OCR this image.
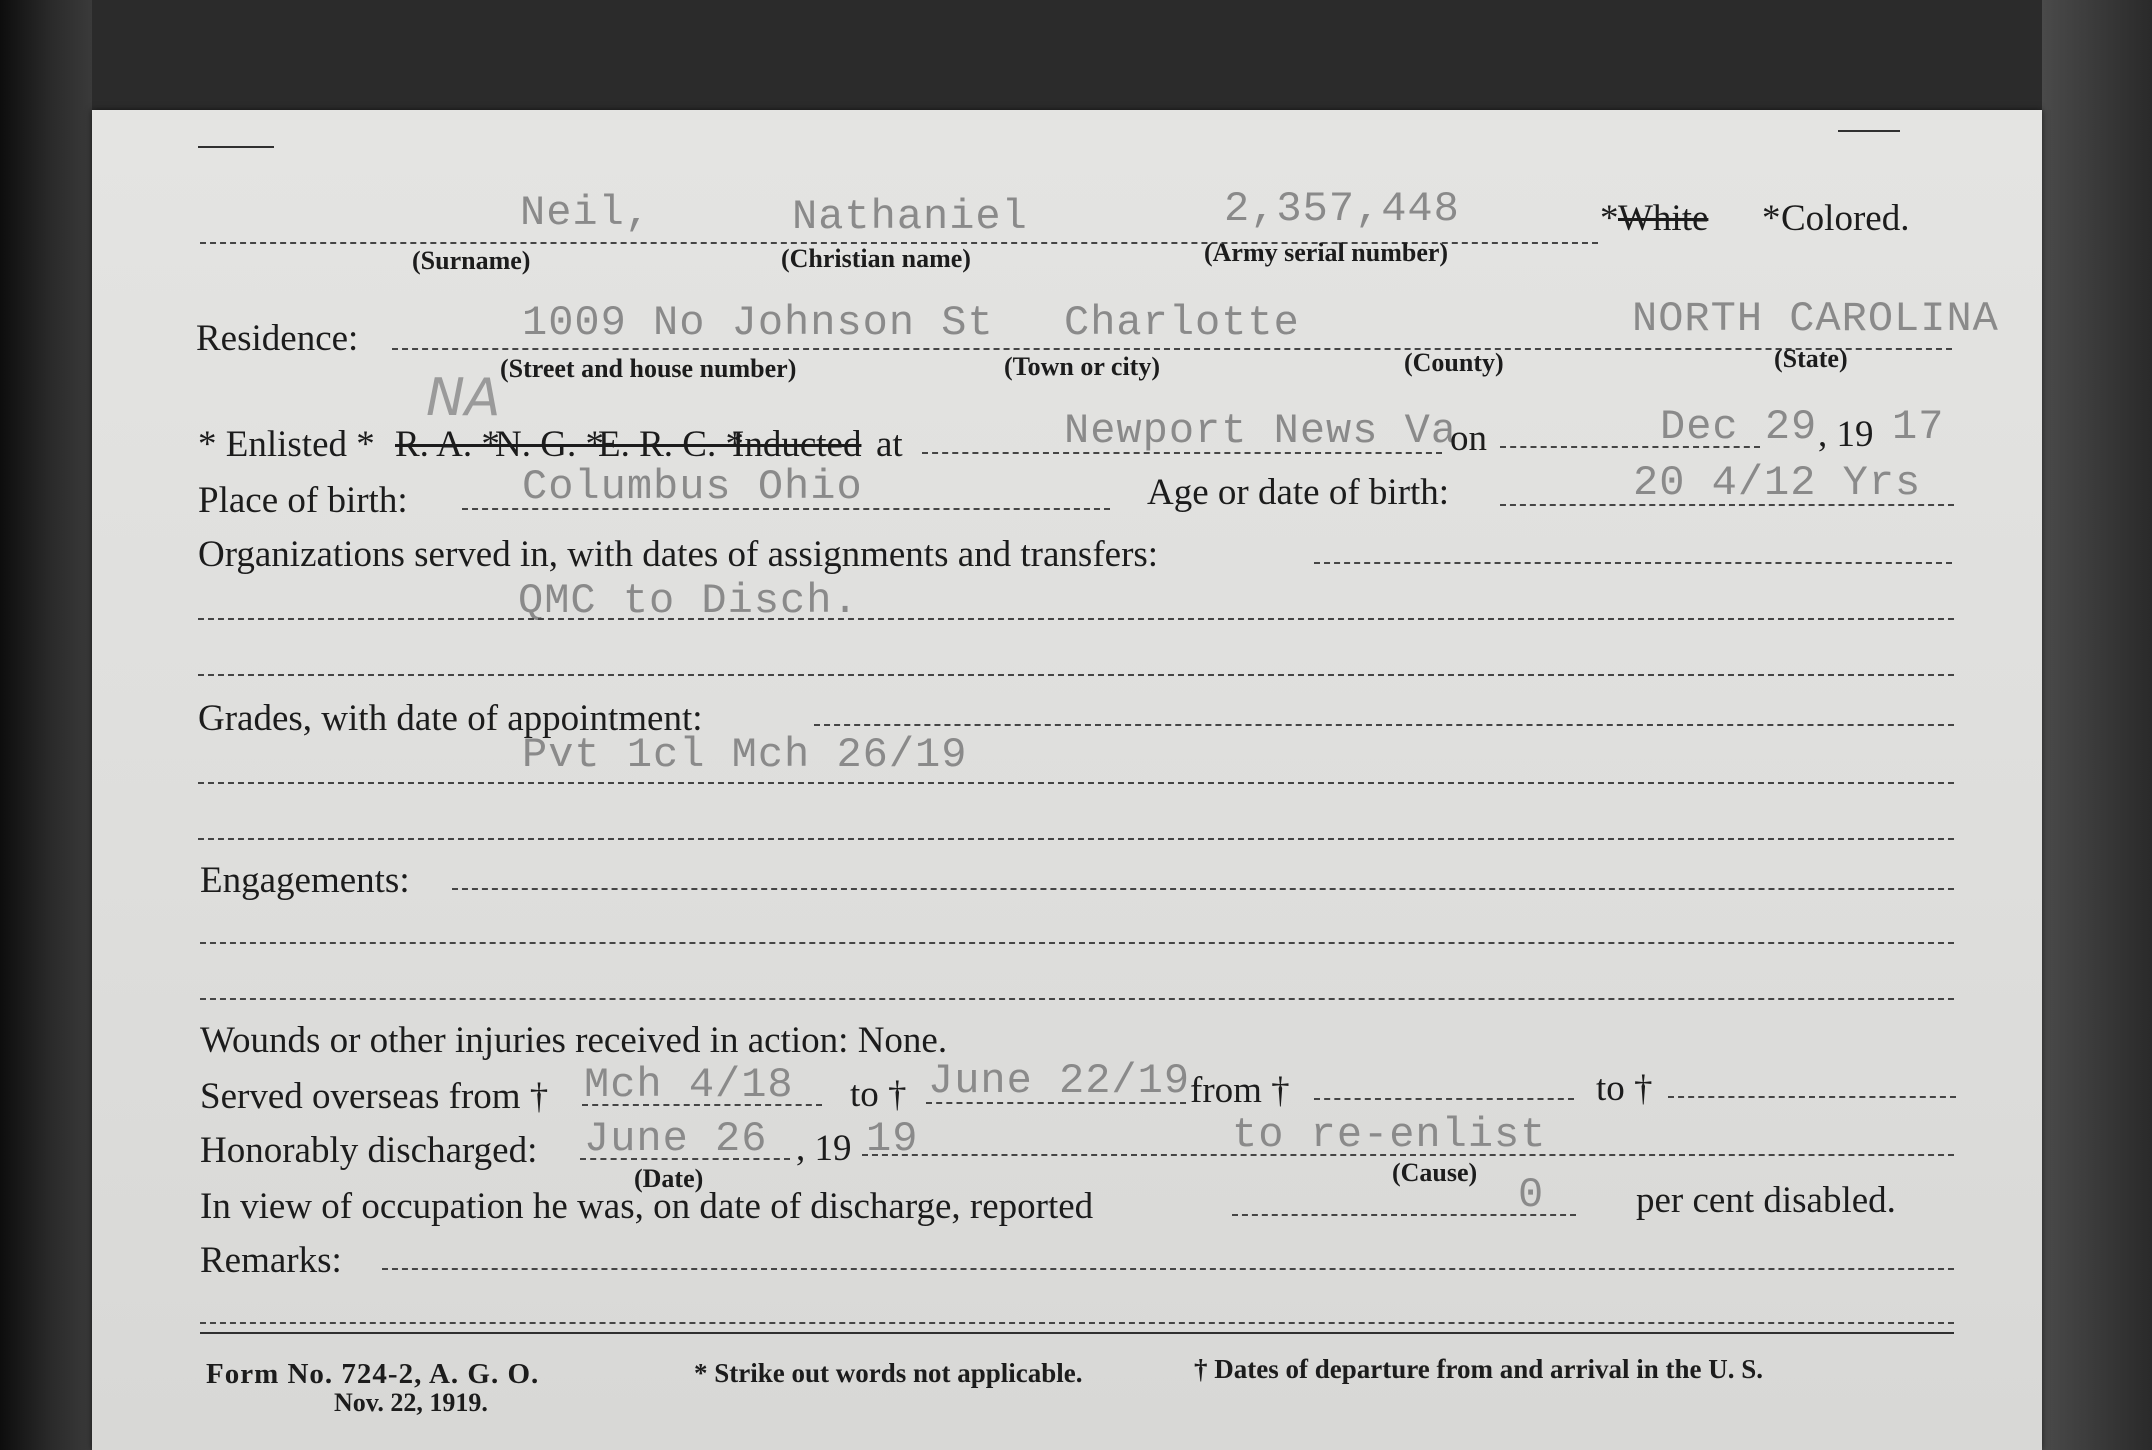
Neil,	Nathaniel	2,357,448	* White * Colored.
(Surname)	(Christian name)	(Army serial number)
Residence:	1009 No Johnson St Charlotte	NORTH CAROLINA
(Street and house number)	(Town or city)	(County)	(State)
NA
* Enlisted * R. A. *
N. G. *
E. R. C. *
Inducted at	Newport News Va
on	Dec 29 , 19 17
Place of birth:	Columbus Ohio	Age or date of birth:	20 4/12 Yrs
Organizations served in, with dates of assignments and transfers:
QMC to Disch.
Grades, with date of appointment:
Pvt 1cl Mch 26/19
Engagements:
Wounds or other injuries received in action: None.
Served overseas from † Mch 4/18 to † June 22/19 from †	to †
Honorably discharged: June 26 , 19 19	to re-enlist
(Date)	(Cause)
In view of occupation he was, on date of discharge, reported	0 per cent disabled.
Remarks:
Form No. 724-2, A. G. O.
Nov. 22, 1919.
* Strike out words not applicable.	† Dates of departure from and arrival in the U. S.
